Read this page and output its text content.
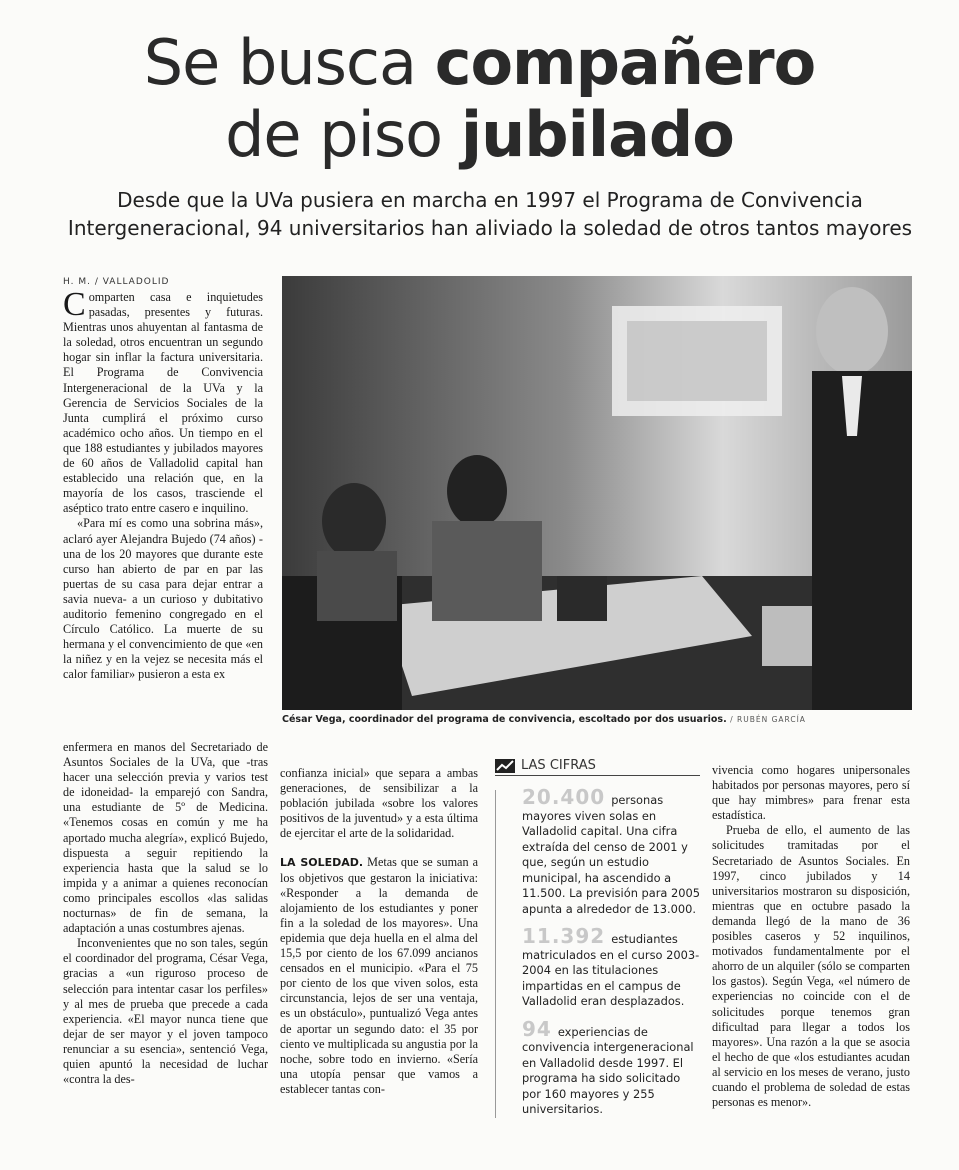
Se busca compañero
de piso jubilado
Desde que la UVa pusiera en marcha en 1997 el Programa de Convivencia
Intergeneracional, 94 universitarios han aliviado la soledad de otros tantos mayores
H. M. / VALLADOLID

Comparten casa e inquietudes pasadas, presentes y futuras. Mientras unos ahuyentan al fantasma de la soledad, otros encuentran un segundo hogar sin inflar la factura universitaria. El Programa de Convivencia Intergeneracional de la UVa y la Gerencia de Servicios Sociales de la Junta cumplirá el próximo curso académico ocho años. Un tiempo en el que 188 estudiantes y jubilados mayores de 60 años de Valladolid capital han establecido una relación que, en la mayoría de los casos, trasciende el aséptico trato entre casero e inquilino.

«Para mí es como una sobrina más», aclaró ayer Alejandra Bujedo (74 años) -una de los 20 mayores que durante este curso han abierto de par en par las puertas de su casa para dejar entrar a savia nueva- a un curioso y dubitativo auditorio femenino congregado en el Círculo Católico. La muerte de su hermana y el convencimiento de que «en la niñez y en la vejez se necesita más el calor familiar» pusieron a esta ex

César Vega, coordinador del programa de convivencia, escoltado por dos usuarios. / RUBÉN GARCÍA

enfermera en manos del Secretariado de Asuntos Sociales de la UVa, que -tras hacer una selección previa y varios test de idoneidad- la emparejó con Sandra, una estudiante de 5º de Medicina. «Tenemos cosas en común y me ha aportado mucha alegría», explicó Bujedo, dispuesta a seguir repitiendo la experiencia hasta que la salud se lo impida y a animar a quienes reconocían como principales escollos «las salidas nocturnas» de fin de semana, la adaptación a unas costumbres ajenas.

Inconvenientes que no son tales, según el coordinador del programa, César Vega, gracias a «un riguroso proceso de selección para intentar casar los perfiles» y al mes de prueba que precede a cada experiencia. «El mayor nunca tiene que dejar de ser mayor y el joven tampoco renunciar a su esencia», sentenció Vega, quien apuntó la necesidad de luchar «contra la des-

confianza inicial» que separa a ambas generaciones, de sensibilizar a la población jubilada «sobre los valores positivos de la juventud» y a esta última de ejercitar el arte de la solidaridad.

LA SOLEDAD. Metas que se suman a los objetivos que gestaron la iniciativa: «Responder a la demanda de alojamiento de los estudiantes y poner fin a la soledad de los mayores». Una epidemia que deja huella en el alma del 15,5 por ciento de los 67.099 ancianos censados en el municipio. «Para el 75 por ciento de los que viven solos, esta circunstancia, lejos de ser una ventaja, es un obstáculo», puntualizó Vega antes de aportar un segundo dato: el 35 por ciento ve multiplicada su angustia por la noche, sobre todo en invierno. «Sería una utopía pensar que vamos a establecer tantas con-

LAS CIFRAS

20.400 personas mayores viven solas en Valladolid capital. Una cifra extraída del censo de 2001 y que, según un estudio municipal, ha ascendido a 11.500. La previsión para 2005 apunta a alrededor de 13.000.

11.392 estudiantes matriculados en el curso 2003-2004 en las titulaciones impartidas en el campus de Valladolid eran desplazados.

94 experiencias de convivencia intergeneracional en Valladolid desde 1997. El programa ha sido solicitado por 160 mayores y 255 universitarios.

vivencia como hogares unipersonales habitados por personas mayores, pero sí que hay mimbres» para frenar esta estadística.

Prueba de ello, el aumento de las solicitudes tramitadas por el Secretariado de Asuntos Sociales. En 1997, cinco jubilados y 14 universitarios mostraron su disposición, mientras que en octubre pasado la demanda llegó de la mano de 36 posibles caseros y 52 inquilinos, motivados fundamentalmente por el ahorro de un alquiler (sólo se comparten los gastos). Según Vega, «el número de experiencias no coincide con el de solicitudes porque tenemos gran dificultad para llegar a todos los mayores». Una razón a la que se asocia el hecho de que «los estudiantes acudan al servicio en los meses de verano, justo cuando el problema de soledad de estas personas es menor».
